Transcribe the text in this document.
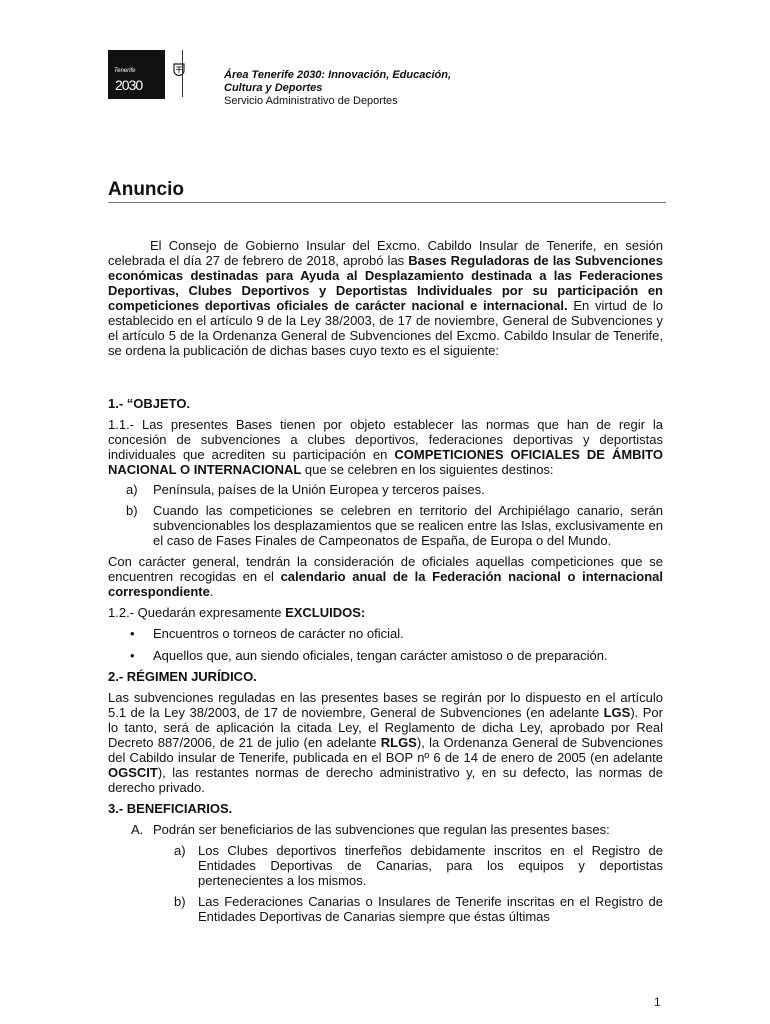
Tenerife
2030
Área Tenerife 2030: Innovación, Educación,
Cultura y Deportes
Servicio Administrativo de Deportes
Anuncio

El Consejo de Gobierno Insular del Excmo. Cabildo Insular de Tenerife, en sesión celebrada el día 27 de febrero de 2018, aprobó las Bases Reguladoras de las Subvenciones económicas destinadas para Ayuda al Desplazamiento destinada a las Federaciones Deportivas, Clubes Deportivos y Deportistas Individuales por su participación en competiciones deportivas oficiales de carácter nacional e internacional. En virtud de lo establecido en el artículo 9 de la Ley 38/2003, de 17 de noviembre, General de Subvenciones y el artículo 5 de la Ordenanza General de Subvenciones del Excmo. Cabildo Insular de Tenerife, se ordena la publicación de dichas bases cuyo texto es el siguiente:

1.- “OBJETO.

1.1.- Las presentes Bases tienen por objeto establecer las normas que han de regir la concesión de subvenciones a clubes deportivos, federaciones deportivas y deportistas individuales que acrediten su participación en COMPETICIONES OFICIALES DE ÁMBITO NACIONAL O INTERNACIONAL que se celebren en los siguientes destinos:

a)	Península, países de la Unión Europea y terceros países.
b)	Cuando las competiciones se celebren en territorio del Archipiélago canario, serán subvencionables los desplazamientos que se realicen entre las Islas, exclusivamente en el caso de Fases Finales de Campeonatos de España, de Europa o del Mundo.

Con carácter general, tendrán la consideración de oficiales aquellas competiciones que se encuentren recogidas en el calendario anual de la Federación nacional o internacional correspondiente.

1.2.- Quedarán expresamente EXCLUIDOS:

•	Encuentros o torneos de carácter no oficial.
•	Aquellos que, aun siendo oficiales, tengan carácter amistoso o de preparación.

2.- RÉGIMEN JURÍDICO.

Las subvenciones reguladas en las presentes bases se regirán por lo dispuesto en el artículo 5.1 de la Ley 38/2003, de 17 de noviembre, General de Subvenciones (en adelante LGS). Por lo tanto, será de aplicación la citada Ley, el Reglamento de dicha Ley, aprobado por Real Decreto 887/2006, de 21 de julio (en adelante RLGS), la Ordenanza General de Subvenciones del Cabildo insular de Tenerife, publicada en el BOP nº 6 de 14 de enero de 2005 (en adelante OGSCIT), las restantes normas de derecho administrativo y, en su defecto, las normas de derecho privado.

3.- BENEFICIARIOS.

A. Podrán ser beneficiarios de las subvenciones que regulan las presentes bases:
a) Los Clubes deportivos tinerfeños debidamente inscritos en el Registro de Entidades Deportivas de Canarias, para los equipos y deportistas pertenecientes a los mismos.
b) Las Federaciones Canarias o Insulares de Tenerife inscritas en el Registro de Entidades Deportivas de Canarias siempre que éstas últimas
1
